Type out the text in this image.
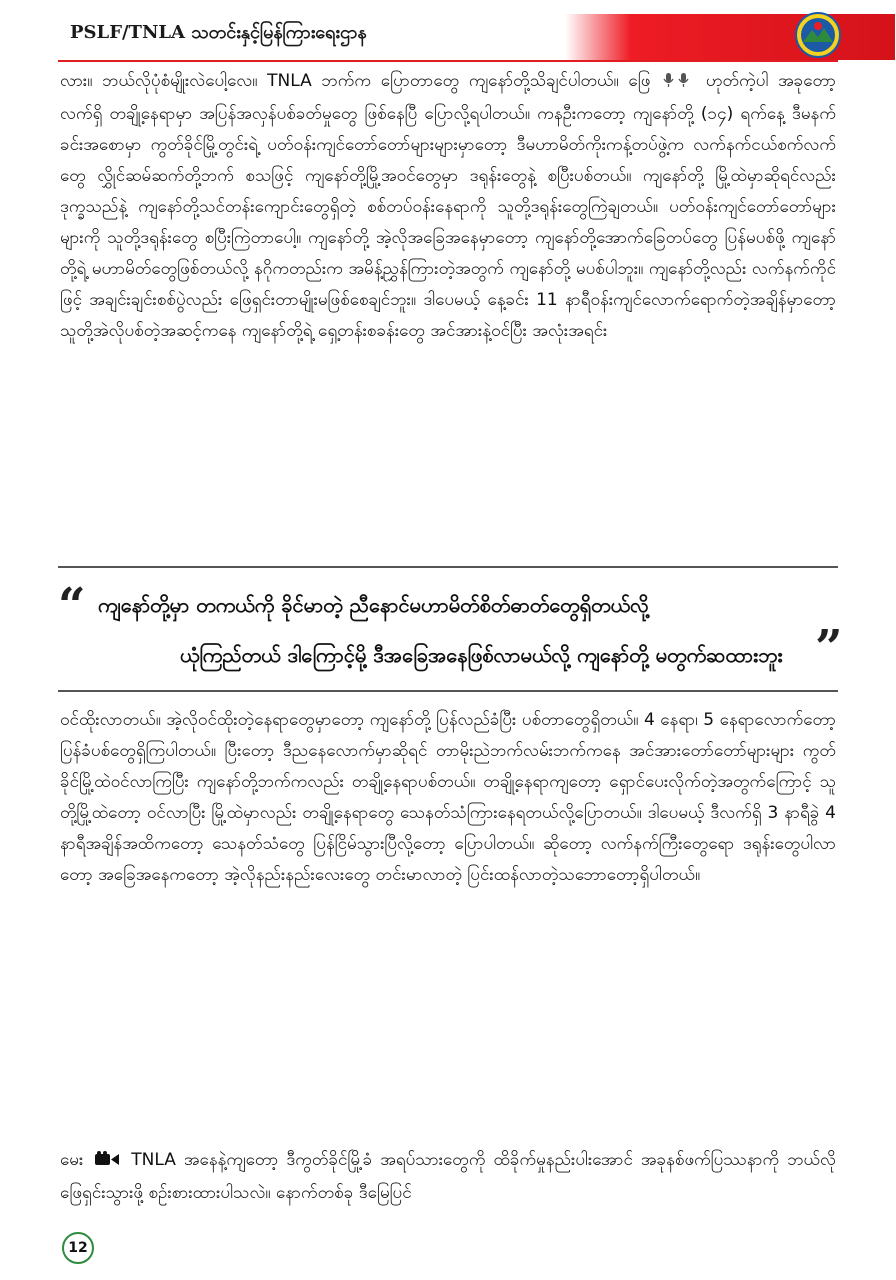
PSLF/TNLA သတင်းနှင့်မြန်ကြားရေးဌာန
လား။ ဘယ်လိုပုံစံမျိုးလဲပေါ့လေ။ TNLA ဘက်က ပြောတာတွေ ကျနော်တို့သိချင်ပါတယ်။ ဖြေ	ဟုတ်ကဲ့ပါ အခုတော့ လက်ရှိ တချို့နေရာမှာ အပြန်အလှန်ပစ်ခတ်မှုတွေ ဖြစ်နေပြီ ပြောလို့ရပါတယ်။ ကနဦးကတော့ ကျနော်တို့ (၁၄) ရက်နေ့ ဒီမနက်ခင်းအစောမှာ ကွတ်ခိုင်မြို့တွင်းရဲ့ ပတ်ဝန်းကျင်တော်တော်များများမှာတော့ ဒီမဟာမိတ်ကိုးကန့်တပ်ဖွဲ့က လက်နက်ငယ်စက်လက်တွေ လွှိုင်ဆမ်ဆက်တို့ဘက် စသဖြင့် ကျနော်တို့မြို့အဝင်တွေမှာ ဒရုန်းတွေနဲ့ စပြီးပစ်တယ်။ ကျနော်တို့ မြို့ထဲမှာဆိုရင်လည်း ဒုက္ခသည်နဲ့ ကျနော်တို့သင်တန်းကျောင်းတွေရှိတဲ့ စစ်တပ်ဝန်းနေရာကို သူတို့ဒရုန်းတွေကြဲချတယ်။ ပတ်ဝန်းကျင်တော်တော်များများကို သူတို့ဒရုန်းတွေ စပြီးကြဲတာပေါ့။ ကျနော်တို့ အဲ့လိုအခြေအနေမှာတော့ ကျနော်တို့အောက်ခြေတပ်တွေ ပြန်မပစ်ဖို့ ကျနော်တို့ရဲ့ မဟာမိတ်တွေဖြစ်တယ်လို့ နဂိုကတည်းက အမိန့်ညွှန်ကြားတဲ့အတွက် ကျနော်တို့ မပစ်ပါဘူး။ ကျနော်တို့လည်း လက်နက်ကိုင်ဖြင့် အချင်းချင်းစစ်ပွဲလည်း ဖြေရှင်းတာမျိုးမဖြစ်စေချင်ဘူး။ ဒါပေမယ့် နေ့ခင်း 11 နာရီဝန်းကျင်လောက်ရောက်တဲ့အချိန်မှာတော့ သူတို့အဲလိုပစ်တဲ့အဆင့်ကနေ ကျနော်တို့ရဲ့ ရှေ့တန်းစခန်းတွေ အင်အားနဲ့ဝင်ပြီး အလုံးအရင်း
“ ကျနော်တို့မှာ တကယ်ကို ခိုင်မာတဲ့ ညီနောင်မဟာမိတ်စိတ်ဓာတ်တွေရှိတယ်လို့
ယုံကြည်တယ် ဒါကြောင့်မို့ ဒီအခြေအနေဖြစ်လာမယ်လို့ ကျနော်တို့ မတွက်ဆထားဘူး ”
ဝင်ထိုးလာတယ်။ အဲ့လိုဝင်ထိုးတဲ့နေရာတွေမှာတော့ ကျနော်တို့ ပြန်လည်ခံပြီး ပစ်တာတွေရှိတယ်။ 4 နေရာ၊ 5 နေရာလောက်တော့ ပြန်ခံပစ်တွေရှိကြပါတယ်။ ပြီးတော့ ဒီညနေလောက်မှာဆိုရင် တာမိုးညဲဘက်လမ်းဘက်ကနေ အင်အားတော်တော်များများ ကွတ်ခိုင်မြို့ထဲဝင်လာကြပြီး ကျနော်တို့ဘက်ကလည်း တချို့နေရာပစ်တယ်။ တချို့နေရာကျတော့ ရှောင်ပေးလိုက်တဲ့အတွက်ကြောင့် သူတို့မြို့ထဲတော့ ဝင်လာပြီး မြို့ထဲမှာလည်း တချို့နေရာတွေ သေနတ်သံကြားနေရတယ်လို့ပြောတယ်။ ဒါပေမယ့် ဒီလက်ရှိ 3 နာရီခွဲ 4 နာရီအချိန်အထိကတော့ သေနတ်သံတွေ ပြန်ငြိမ်သွားပြီလို့တော့ ပြောပါတယ်။ ဆိုတော့ လက်နက်ကြီးတွေရော ဒရုန်းတွေပါလာတော့ အခြေအနေကတော့ အဲ့လိုနည်းနည်းလေးတွေ တင်းမာလာတဲ့ ပြင်းထန်လာတဲ့သဘောတော့ရှိပါတယ်။
မေး	TNLA အနေနဲ့ကျတော့ ဒီကွတ်ခိုင်မြို့ခံ အရပ်သားတွေကို ထိခိုက်မှုနည်းပါးအောင် အခုနစ်ဖက်ပြဿနာကို ဘယ်လိုဖြေရှင်းသွားဖို့ စဉ်းစားထားပါသလဲ။ နောက်တစ်ခု ဒီမြေပြင်
12
